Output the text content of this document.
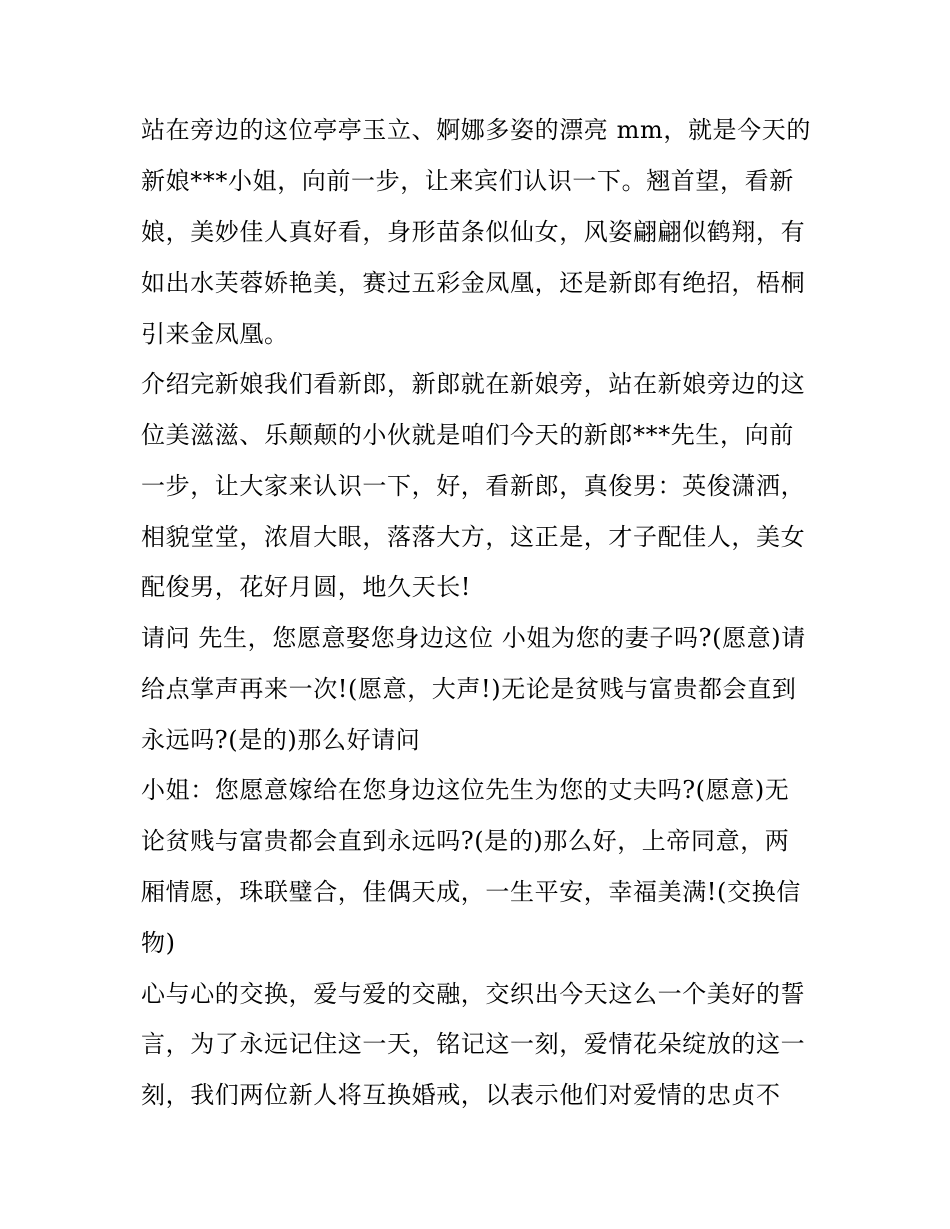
站在旁边的这位亭亭玉立、婀娜多姿的漂亮 mm，就是今天的

新娘***小姐，向前一步，让来宾们认识一下。翘首望，看新

娘，美妙佳人真好看，身形苗条似仙女，风姿翩翩似鹤翔，有

如出水芙蓉娇艳美，赛过五彩金凤凰，还是新郎有绝招，梧桐

引来金凤凰。

介绍完新娘我们看新郎，新郎就在新娘旁，站在新娘旁边的这

位美滋滋、乐颠颠的小伙就是咱们今天的新郎***先生，向前

一步，让大家来认识一下，好，看新郎，真俊男：英俊潇洒，

相貌堂堂，浓眉大眼，落落大方，这正是，才子配佳人，美女

配俊男，花好月圆，地久天长!

请问 先生，您愿意娶您身边这位 小姐为您的妻子吗?(愿意)请

给点掌声再来一次!(愿意，大声!)无论是贫贱与富贵都会直到

永远吗?(是的)那么好请问

小姐：您愿意嫁给在您身边这位先生为您的丈夫吗?(愿意)无

论贫贱与富贵都会直到永远吗?(是的)那么好，上帝同意，两

厢情愿，珠联璧合，佳偶天成，一生平安，幸福美满!(交换信

物)

心与心的交换，爱与爱的交融，交织出今天这么一个美好的誓

言，为了永远记住这一天，铭记这一刻，爱情花朵绽放的这一

刻，我们两位新人将互换婚戒，以表示他们对爱情的忠贞不
